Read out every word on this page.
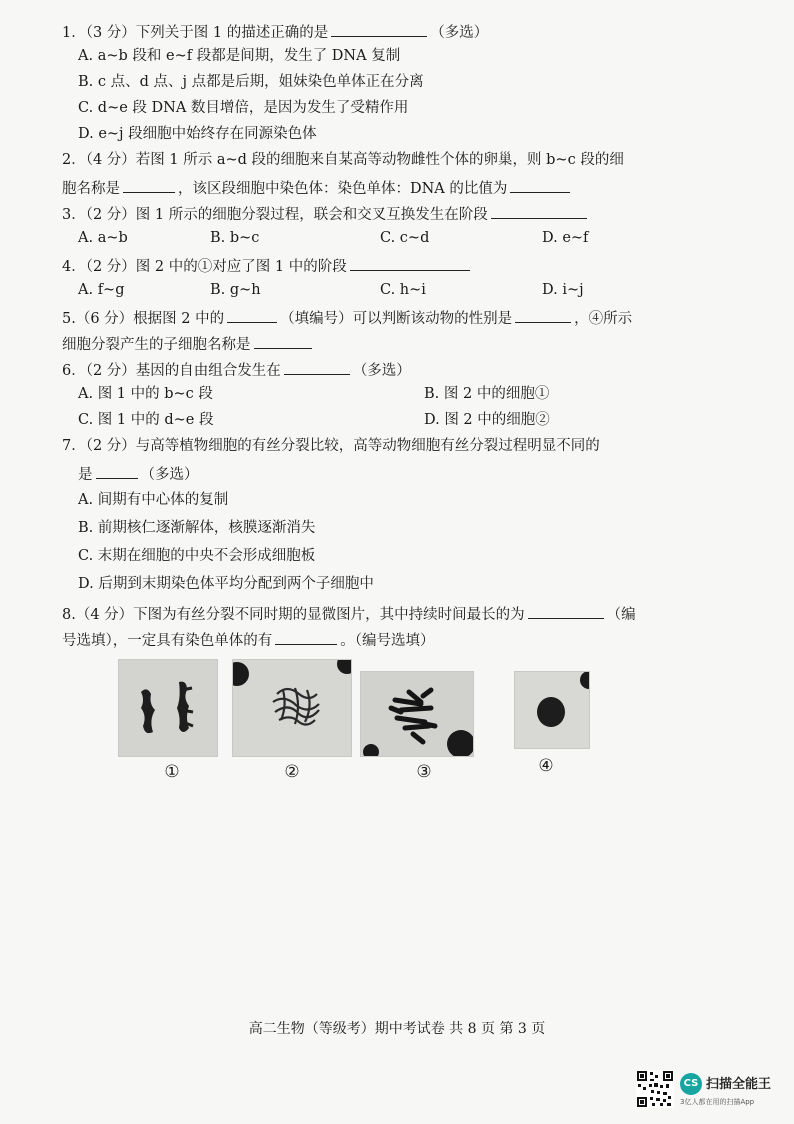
1．（3 分）下列关于图 1 的描述正确的是	（多选）
A. a~b 段和 e~f 段都是间期，发生了 DNA 复制
B. c 点、d 点、j 点都是后期，姐妹染色单体正在分离
C. d~e 段 DNA 数目增倍，是因为发生了受精作用
D. e~j 段细胞中始终存在同源染色体
2．（4 分）若图 1 所示 a~d 段的细胞来自某高等动物雌性个体的卵巢，则 b~c 段的细
胞名称是	，该区段细胞中染色体：染色单体：DNA 的比值为
3．（2 分）图 1 所示的细胞分裂过程，联会和交叉互换发生在阶段
A. a~b	B. b~c	C. c~d	D. e~f
4．（2 分）图 2 中的①对应了图 1 中的阶段
A. f~g	B. g~h	C. h~i	D. i~j
5.（6 分）根据图 2 中的	（填编号）可以判断该动物的性别是	，④所示
细胞分裂产生的子细胞名称是
6．（2 分）基因的自由组合发生在	（多选）
A. 图 1 中的 b~c 段	B. 图 2 中的细胞①
C. 图 1 中的 d~e 段	D. 图 2 中的细胞②
7．（2 分）与高等植物细胞的有丝分裂比较，高等动物细胞有丝分裂过程明显不同的
是	（多选）
A. 间期有中心体的复制
B. 前期核仁逐渐解体，核膜逐渐消失
C. 末期在细胞的中央不会形成细胞板
D. 后期到末期染色体平均分配到两个子细胞中
8.（4 分）下图为有丝分裂不同时期的显微图片，其中持续时间最长的为	（编
号选填），一定具有染色单体的有	。（编号选填）
①	②	③	④
高二生物（等级考）期中考试卷 共 8 页 第 3 页
CS 扫描全能王
3亿人都在用的扫描App
